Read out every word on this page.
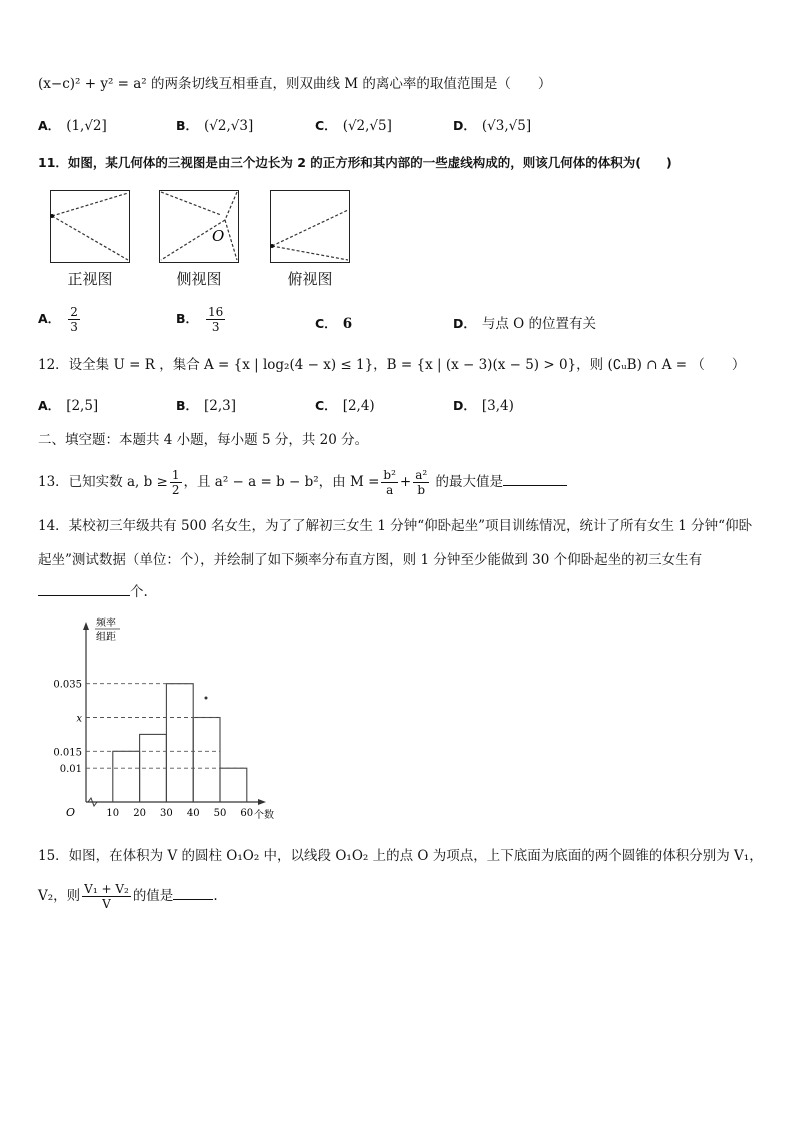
(x−c)² + y² = a² 的两条切线互相垂直，则双曲线 M 的离心率的取值范围是（　　）
A． (1,√2]	B． (√2,√3]	C． (√2,√5]	D． (√3,√5]
11．如图，某几何体的三视图是由三个边长为 2 的正方形和其内部的一些虚线构成的，则该几何体的体积为(　　)
O
正视图	侧视图	俯视图
A． $\frac{2}{3}$	B． $\frac{16}{3}$	C． 6	D． 与点 O 的位置有关
12．设全集 U = R ，集合 A = {x | log₂(4 − x) ≤ 1}，B = {x | (x − 3)(x − 5) > 0}，则 (∁ᵤB) ∩ A = （　　）
A． [2,5]	B． [2,3]	C． [2,4)	D． [3,4)
二、填空题：本题共 4 小题，每小题 5 分，共 20 分。
13．已知实数 a, $b \ge \frac{1}{2}$ ，且 a² − a = b − b²，由 $M = \frac{\text{b²}}{a} + \frac{\text{a²}}{b}$ 的最大值是
14．某校初三年级共有 500 名女生，为了了解初三女生 1 分钟“仰卧起坐”项目训练情况，统计了所有女生 1 分钟“仰卧
起坐”测试数据（单位：个），并绘制了如下频率分布直方图，则 1 分钟至少能做到 30 个仰卧起坐的初三女生有
个.
0.035
x
0.015
0.01
10 20 30 40 50 60
O	个数
频率
组距
15．如图，在体积为 V 的圆柱 O₁O₂ 中，以线段 O₁O₂ 上的点 O 为项点，上下底面为底面的两个圆锥的体积分别为 V₁，
V₂，则 $\frac{\text{V₁ + V₂}}{V}$ 的值是	.
